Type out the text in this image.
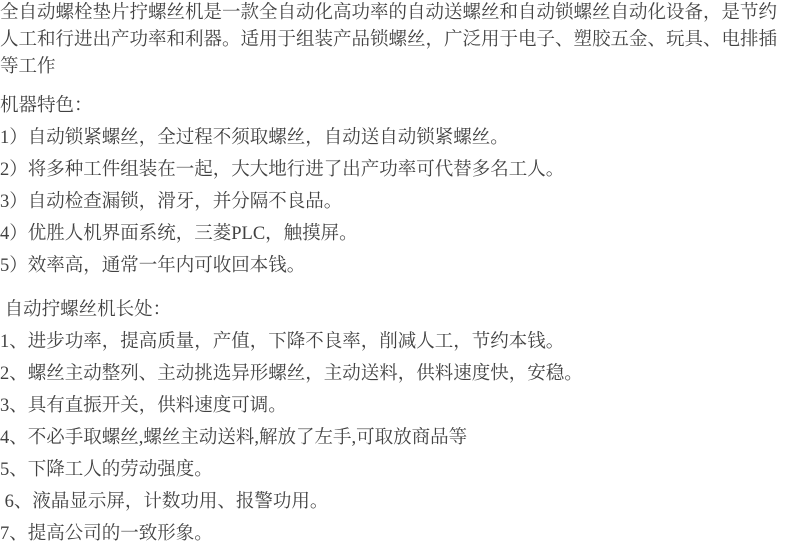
全自动螺栓垫片拧螺丝机是一款全自动化高功率的自动送螺丝和自动锁螺丝自动化设备，是节约
人工和行进出产功率和利器。适用于组装产品锁螺丝，广泛用于电子、塑胶五金、玩具、电排插
等工作
机器特色：
1）自动锁紧螺丝，全过程不须取螺丝，自动送自动锁紧螺丝。
2）将多种工件组装在一起，大大地行进了出产功率可代替多名工人。
3）自动检查漏锁，滑牙，并分隔不良品。
4）优胜人机界面系统，三菱PLC，触摸屏。
5）效率高，通常一年内可收回本钱。
自动拧螺丝机长处：
1、进步功率，提高质量，产值，下降不良率，削减人工，节约本钱。
2、螺丝主动整列、主动挑选异形螺丝，主动送料，供料速度快，安稳。
3、具有直振开关，供料速度可调。
4、不必手取螺丝,螺丝主动送料,解放了左手,可取放商品等
5、下降工人的劳动强度。
6、液晶显示屏，计数功用、报警功用。
7、提高公司的一致形象。
